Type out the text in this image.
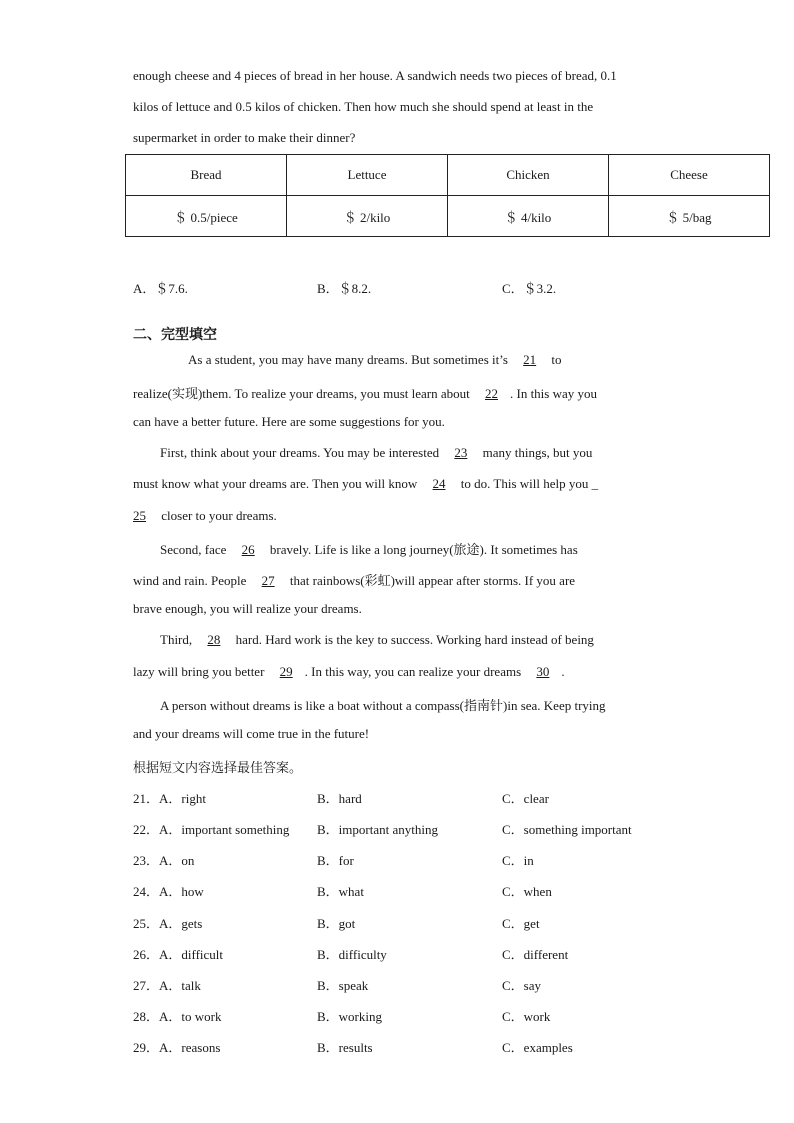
enough cheese and 4 pieces of bread in her house. A sandwich needs two pieces of bread, 0.1
kilos of lettuce and 0.5 kilos of chicken. Then how much she should spend at least in the
supermarket in order to make their dinner?
Bread	Lettuce	Chicken	Cheese
＄ 0.5/piece	＄ 2/kilo	＄ 4/kilo	＄ 5/bag
A．＄7.6.	B．＄8.2.	C．＄3.2.
二、完型填空
As a student, you may have many dreams. But sometimes it’s 21 to
realize(实现)them. To realize your dreams, you must learn about 22 . In this way you
can have a better future. Here are some suggestions for you.
First, think about your dreams. You may be interested 23 many things, but you
must know what your dreams are. Then you will know 24 to do. This will help you _
25 closer to your dreams.
Second, face 26 bravely. Life is like a long journey(旅途). It sometimes has
wind and rain. People 27 that rainbows(彩虹)will appear after storms. If you are
brave enough, you will realize your dreams.
Third, 28 hard. Hard work is the key to success. Working hard instead of being
lazy will bring you better 29 . In this way, you can realize your dreams 30 .
A person without dreams is like a boat without a compass(指南针)in sea. Keep trying
and your dreams will come true in the future!
根据短文内容选择最佳答案。
21．A．right	B．hard	C．clear
22．A．important something B．important anything	C．something important
23．A．on	B．for	C．in
24．A．how	B．what	C．when
25．A．gets	B．got	C．get
26．A．difficult	B．difficulty	C．different
27．A．talk	B．speak	C．say
28．A．to work	B．working	C．work
29．A．reasons	B．results	C．examples
